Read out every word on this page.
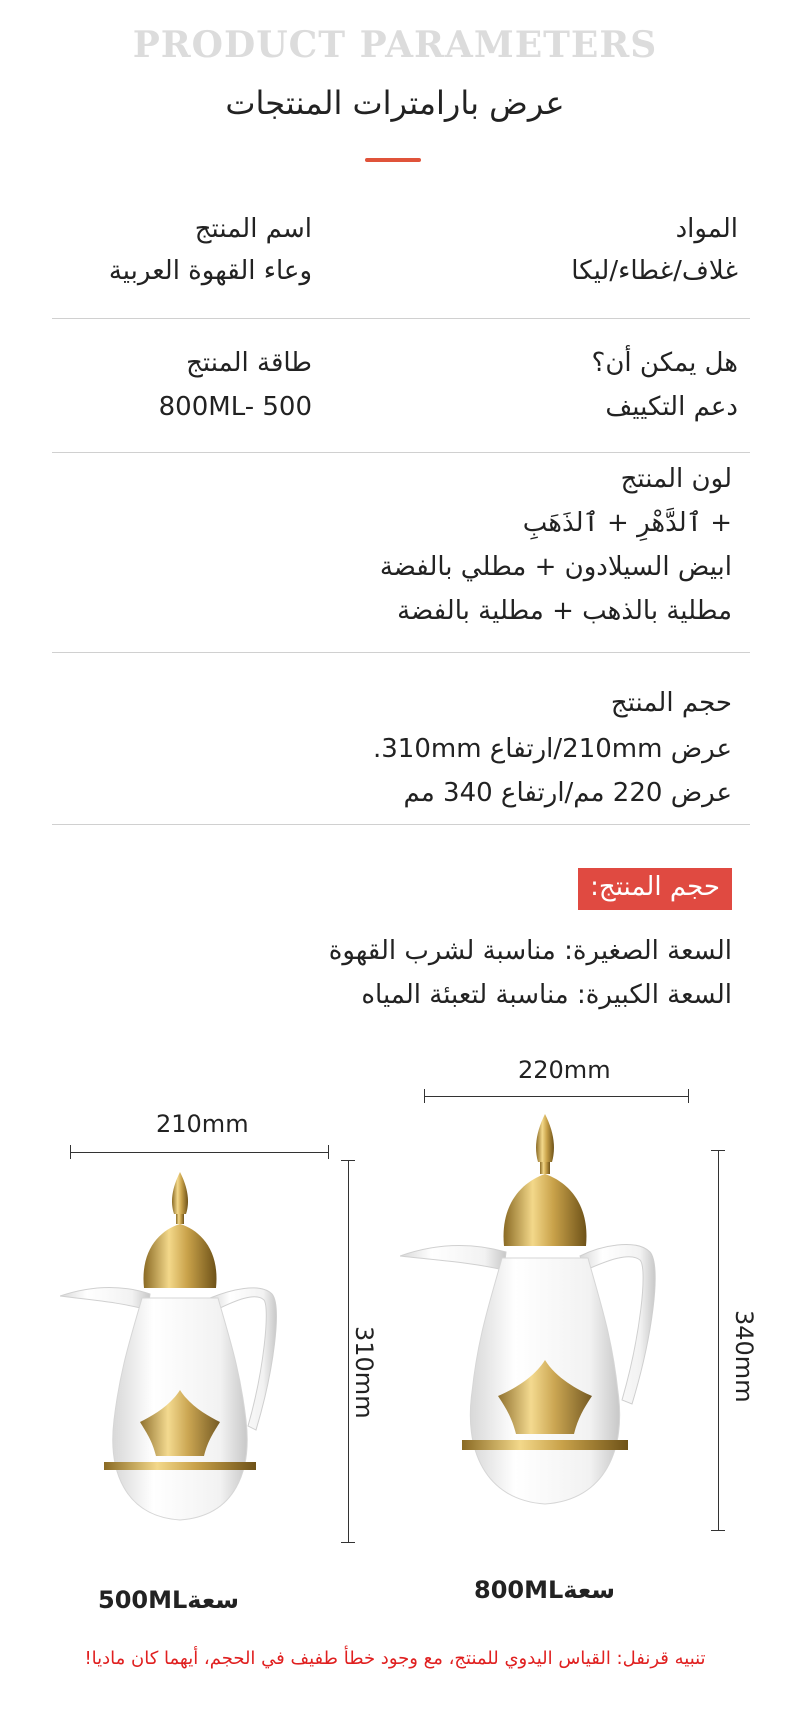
PRODUCT PARAMETERS
عرض بارامترات المنتجات
المواد
غلاف/غطاء/ليكا
اسم المنتج
وعاء القهوة العربية
هل يمكن أن؟
دعم التكييف
طاقة المنتج
800ML- 500
لون المنتج
+ ٱلدَّهْرِ + ٱلذَهَبِ
ابيض السيلادون + مطلي بالفضة
مطلية بالذهب + مطلية بالفضة
حجم المنتج
عرض 210mm/ارتفاع 310mm.
عرض 220 مم/ارتفاع 340 مم
حجم المنتج:
السعة الصغيرة: مناسبة لشرب القهوة
السعة الكبيرة: مناسبة لتعبئة المياه
220mm
340mm
210mm
310mm
سعة500ML	سعة800ML
تنبيه قرنفل: القياس اليدوي للمنتج، مع وجود خطأ طفيف في الحجم، أيهما كان ماديا!
